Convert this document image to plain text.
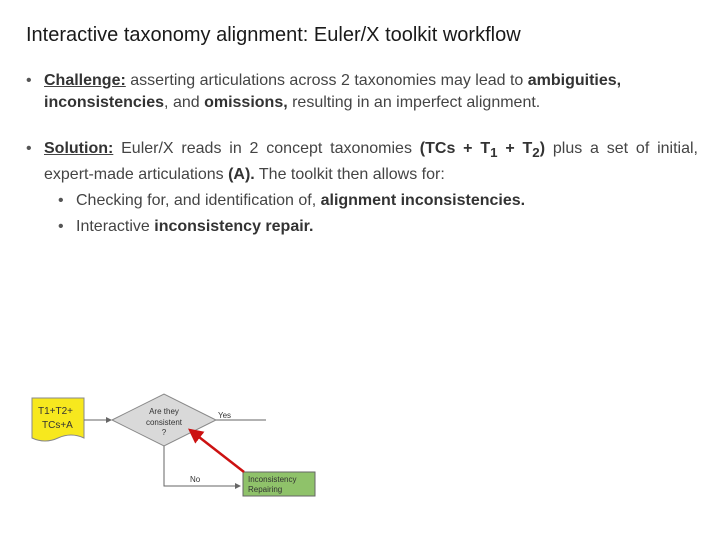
Interactive taxonomy alignment: Euler/X toolkit workflow
• Challenge: asserting articulations across 2 taxonomies may lead to ambiguities, inconsistencies, and omissions, resulting in an imperfect alignment.
• Solution: Euler/X reads in 2 concept taxonomies $(TCs + T_1 + T_2)$ plus a set of initial, expert-made articulations (A). The toolkit then allows for:
• Checking for, and identification of, alignment inconsistencies.
• Interactive inconsistency repair.
T1+T2+
TCs+A
Are they
consistent
?
Yes
No	Inconsistency
Repairing
